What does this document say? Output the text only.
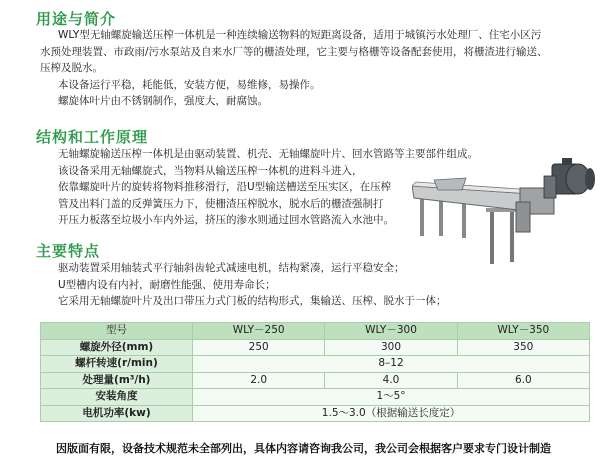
用途与简介
WLY型无轴螺旋输送压榨一体机是一种连续输送物料的短距离设备，适用于城镇污水处理厂、住宅小区污
水预处理装置、市政雨/污水泵站及自来水厂等的栅渣处理，它主要与格栅等设备配套使用，将栅渣进行输送、
压榨及脱水。
本设备运行平稳，耗能低，安装方便，易维修，易操作。
螺旋体叶片由不锈钢制作，强度大，耐腐蚀。
结构和工作原理
无轴螺旋输送压榨一体机是由驱动装置、机壳、无轴螺旋叶片、回水管路等主要部件组成。
该设备采用无轴螺旋式，当物料从输送压榨一体机的进料斗进入，
依靠螺旋叶片的旋转将物料推移滑行，沿U型输送槽送至压实区，在压榨
管及出料门盖的反弹簧压力下，使栅渣压榨脱水，脱水后的栅渣强制打
开压力板落至垃圾小车内外运，挤压的渗水则通过回水管路流入水池中。
主要特点
驱动装置采用轴装式平行轴斜齿轮式减速电机，结构紧凑，运行平稳安全；
U型槽内设有内衬，耐磨性能强、使用寿命长；
它采用无轴螺旋叶片及出口带压力式门板的结构形式，集输送、压榨、脱水于一体；
型号	WLY－250	WLY－300	WLY－350
螺旋外径(mm)	250	300	350
螺杆转速(r/min)	8–12		
处理量(m³/h)	2.0	4.0	6.0
安装角度	1～5°		
电机功率(kw)	1.5～3.0（根据输送长度定）		
因版面有限，设备技术规范未全部列出，具体内容请咨询我公司，我公司会根据客户要求专门设计制造
